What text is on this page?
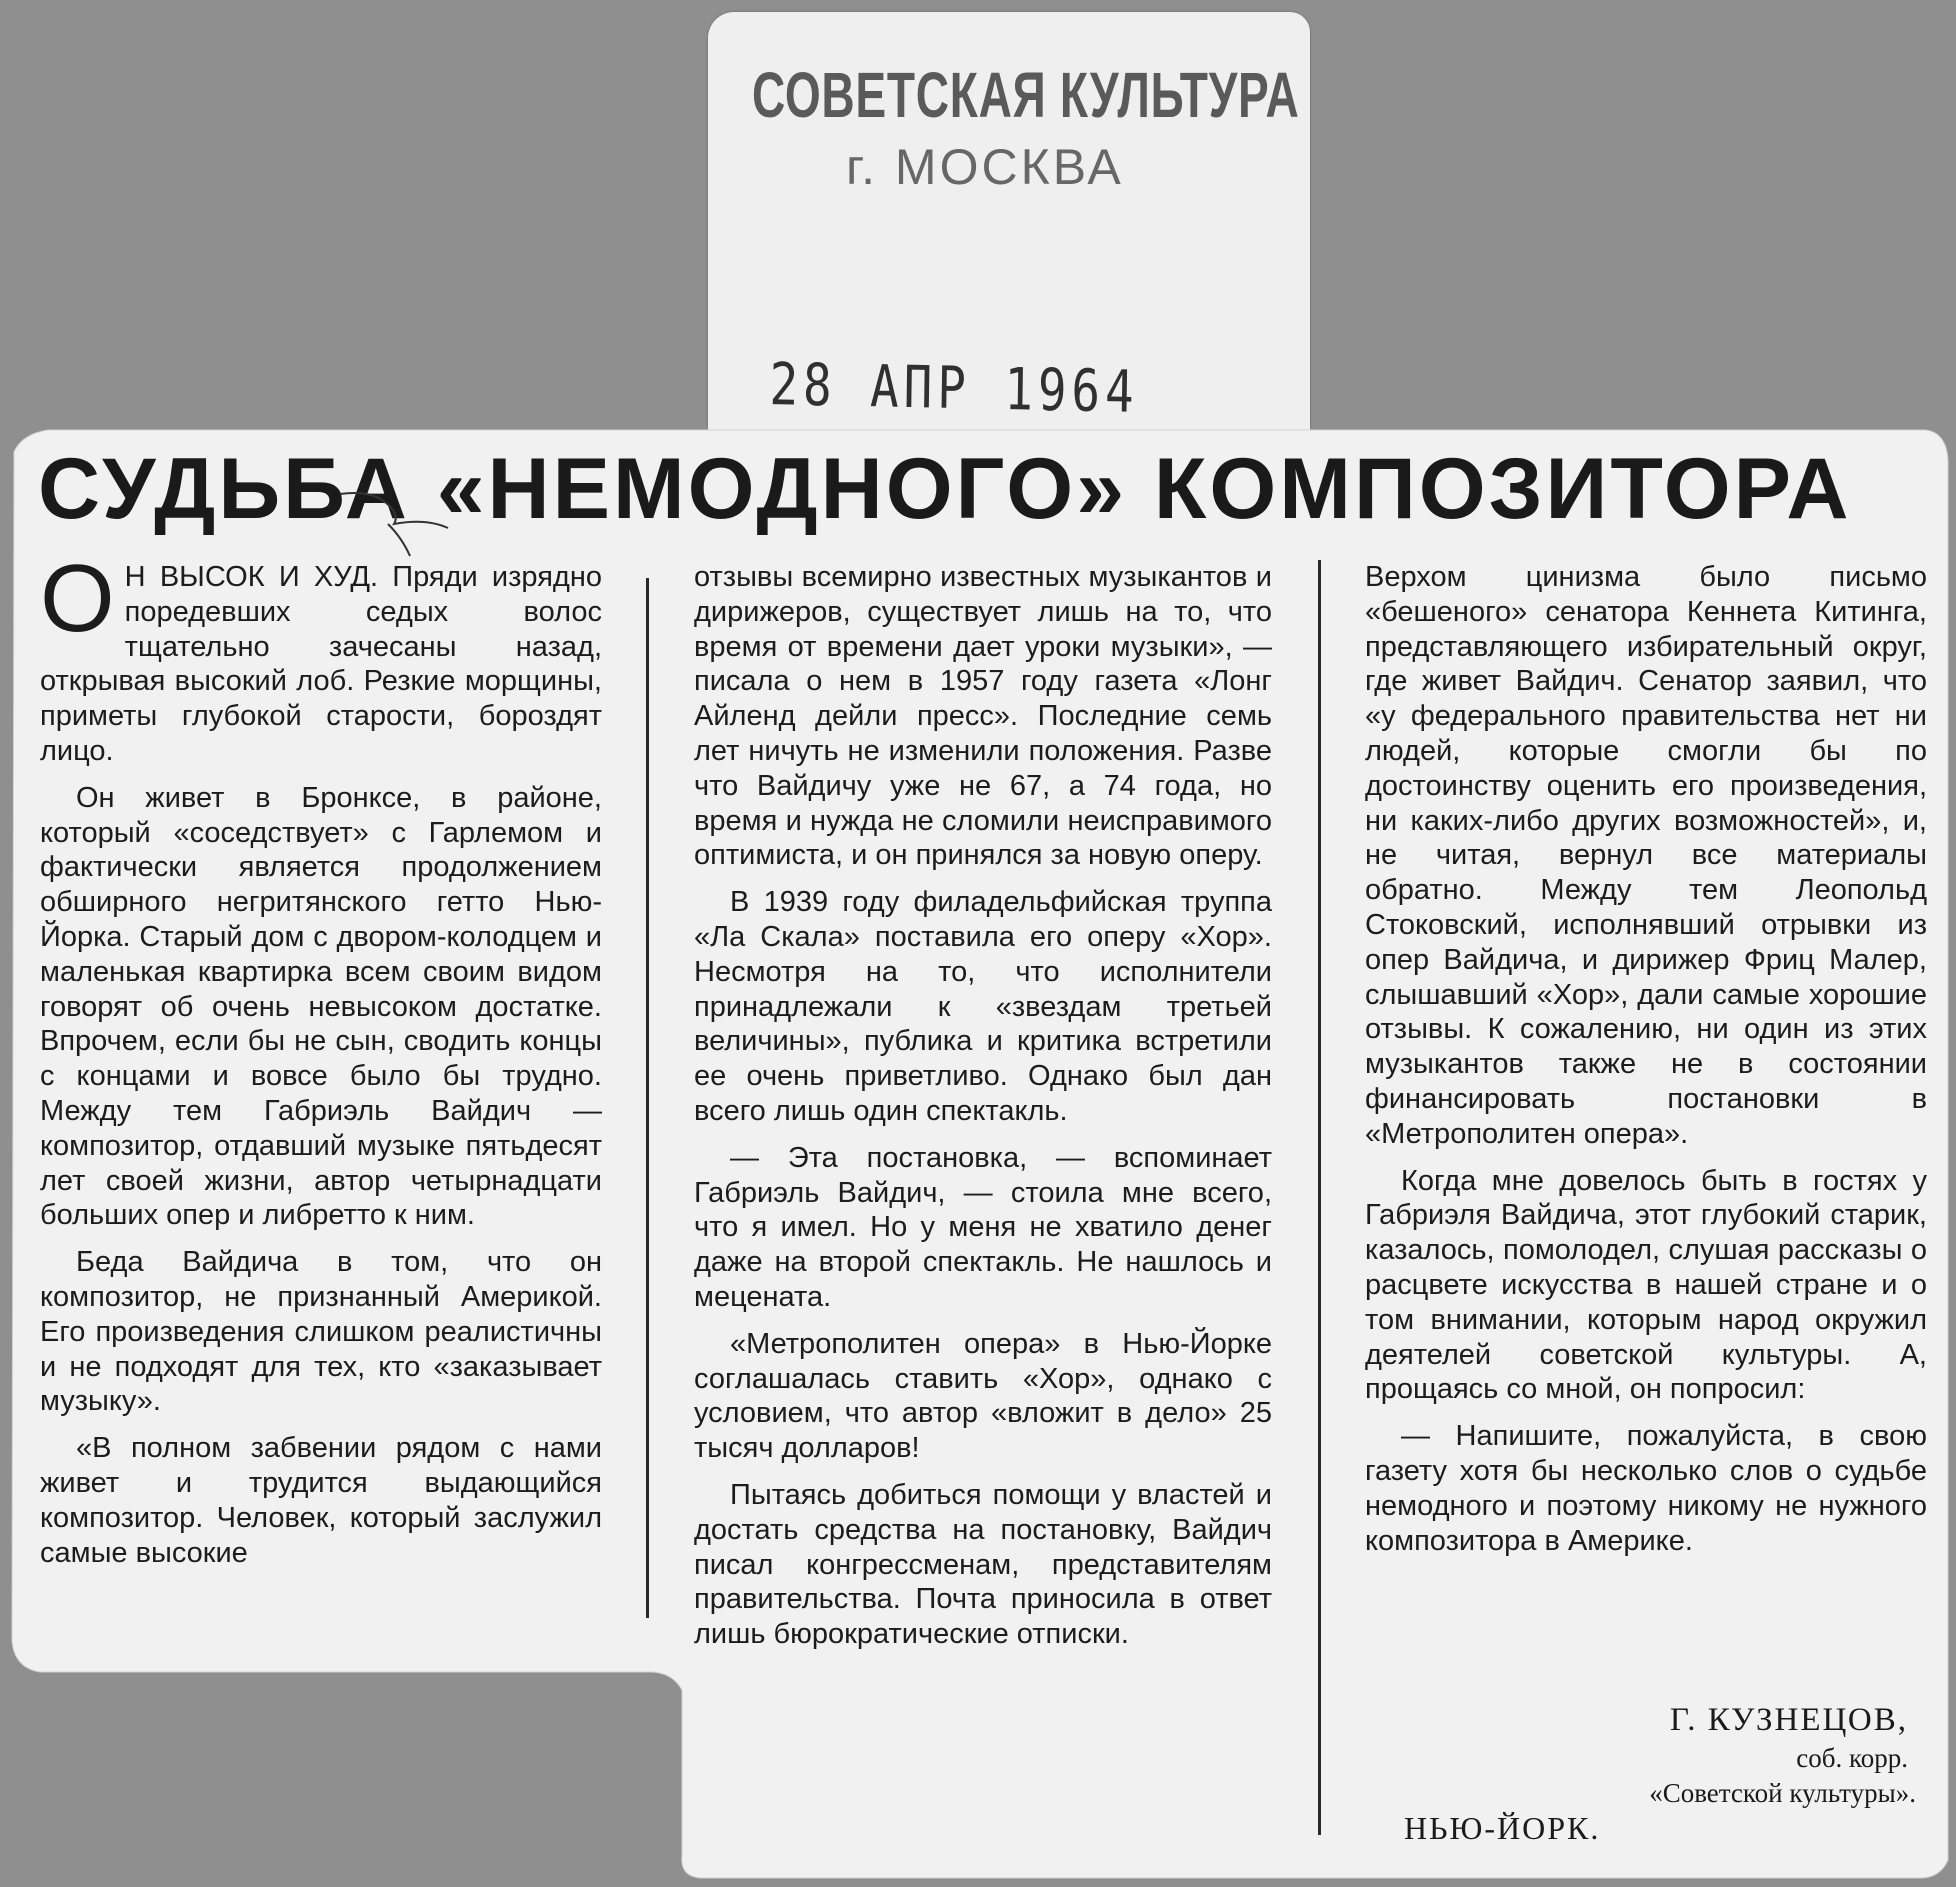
СОВЕТСКАЯ КУЛЬТУРА
г. МОСКВА
28 АПР 1964
СУДЬБА «НЕМОДНОГО» КОМПОЗИТОРА

О Н ВЫСОК И ХУД. Пряди изрядно поредевших седых волос тщательно зачесаны назад, открывая высокий лоб. Резкие морщины, приметы глубокой старости, бороздят лицо.

Он живет в Бронксе, в районе, который «соседствует» с Гарлемом и фактически является продолжением обширного негритянского гетто Нью-Йорка. Старый дом с двором-колодцем и маленькая квартирка всем своим видом говорят об очень невысоком достатке. Впрочем, если бы не сын, сводить концы с концами и вовсе было бы трудно. Между тем Габриэль Вайдич — композитор, отдавший музыке пятьдесят лет своей жизни, автор четырнадцати больших опер и либретто к ним.

Беда Вайдича в том, что он композитор, не признанный Америкой. Его произведения слишком реалистичны и не подходят для тех, кто «заказывает музыку».

«В полном забвении рядом с нами живет и трудится выдающийся композитор. Человек, который заслужил самые высокие

отзывы всемирно известных музыкантов и дирижеров, существует лишь на то, что время от времени дает уроки музыки», — писала о нем в 1957 году газета «Лонг Айленд дейли пресс». Последние семь лет ничуть не изменили положения. Разве что Вайдичу уже не 67, а 74 года, но время и нужда не сломили неисправимого оптимиста, и он принялся за новую оперу.

В 1939 году филадельфийская труппа «Ла Скала» поставила его оперу «Хор». Несмотря на то, что исполнители принадлежали к «звездам третьей величины», публика и критика встретили ее очень приветливо. Однако был дан всего лишь один спектакль.

— Эта постановка, — вспоминает Габриэль Вайдич, — стоила мне всего, что я имел. Но у меня не хватило денег даже на второй спектакль. Не нашлось и мецената.

«Метрополитен опера» в Нью-Йорке соглашалась ставить «Хор», однако с условием, что автор «вложит в дело» 25 тысяч долларов!

Пытаясь добиться помощи у властей и достать средства на постановку, Вайдич писал конгрессменам, представителям правительства. Почта приносила в ответ лишь бюрократические отписки.

Верхом цинизма было письмо «бешеного» сенатора Кеннета Китинга, представляющего избирательный округ, где живет Вайдич. Сенатор заявил, что «у федерального правительства нет ни людей, которые смогли бы по достоинству оценить его произведения, ни каких-либо других возможностей», и, не читая, вернул все материалы обратно. Между тем Леопольд Стоковский, исполнявший отрывки из опер Вайдича, и дирижер Фриц Малер, слышавший «Хор», дали самые хорошие отзывы. К сожалению, ни один из этих музыкантов также не в состоянии финансировать постановки в «Метрополитен опера».

Когда мне довелось быть в гостях у Габриэля Вайдича, этот глубокий старик, казалось, помолодел, слушая рассказы о расцвете искусства в нашей стране и о том внимании, которым народ окружил деятелей советской культуры. А, прощаясь со мной, он попросил:

— Напишите, пожалуйста, в свою газету хотя бы несколько слов о судьбе немодного и поэтому никому не нужного композитора в Америке.

Г. КУЗНЕЦОВ,
соб. корр.
«Советской культуры».
НЬЮ-ЙОРК.
